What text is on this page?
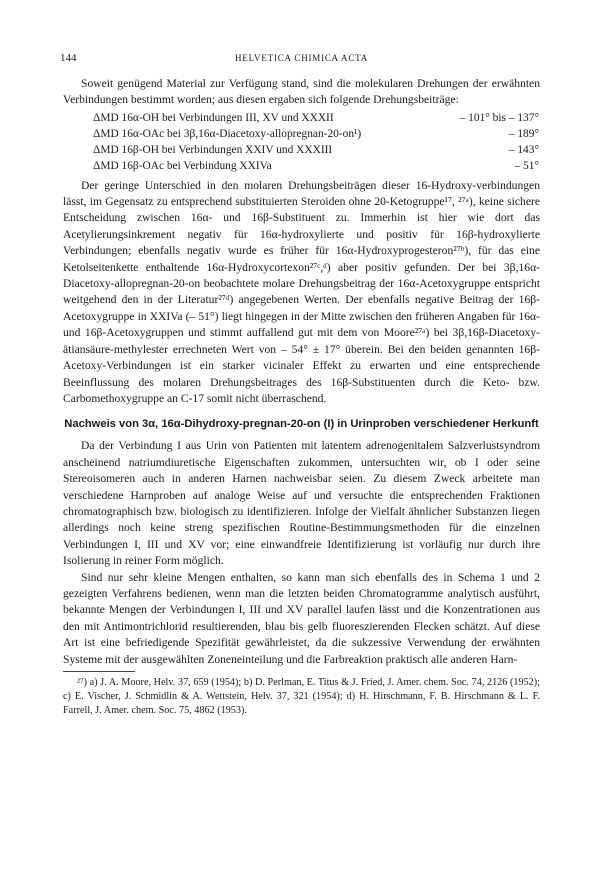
144	HELVETICA CHIMICA ACTA

Soweit genügend Material zur Verfügung stand, sind die molekularen Drehungen der erwähnten Verbindungen bestimmt worden; aus diesen ergaben sich folgende Drehungsbeiträge:

ΔMD 16α-OH bei Verbindungen III, XV und XXXII	– 101° bis – 137°
ΔMD 16α-OAc bei 3β,16α-Diacetoxy-allopregnan-20-on¹)	– 189°
ΔMD 16β-OH bei Verbindungen XXIV und XXXIII	– 143°
ΔMD 16β-OAc bei Verbindung XXIVa	– 51°

Der geringe Unterschied in den molaren Drehungsbeiträgen dieser 16-Hydroxy-verbindungen lässt, im Gegensatz zu entsprechend substituierten Steroiden ohne 20-Ketogruppe¹⁷, ²⁷ᵃ), keine sichere Entscheidung zwischen 16α- und 16β-Substituent zu. Immerhin ist hier wie dort das Acetylierungsinkrement negativ für 16α-hydroxylierte und positiv für 16β-hydroxylierte Verbindungen; ebenfalls negativ wurde es früher für 16α-Hydroxyprogesteron²⁷ᵇ), für das eine Ketolseitenkette enthaltende 16α-Hydroxycortexon²⁷ᶜ,ᵈ) aber positiv gefunden. Der bei 3β,16α-Diacetoxy-allopregnan-20-on beobachtete molare Drehungsbeitrag der 16α-Acetoxygruppe entspricht weitgehend den in der Literatur²⁷ᵈ) angegebenen Werten. Der ebenfalls negative Beitrag der 16β-Acetoxygruppe in XXIVa (– 51°) liegt hingegen in der Mitte zwischen den früheren Angaben für 16α- und 16β-Acetoxygruppen und stimmt auffallend gut mit dem von Moore²⁷ᵃ) bei 3β,16β-Diacetoxy-ätiansäure-methylester errechneten Wert von – 54° ± 17° überein. Bei den beiden genannten 16β-Acetoxy-Verbindungen ist ein starker vicinaler Effekt zu erwarten und eine entsprechende Beeinflussung des molaren Drehungsbeitrages des 16β-Substituenten durch die Keto- bzw. Carbomethoxygruppe an C-17 somit nicht überraschend.

Nachweis von 3α, 16α-Dihydroxy-pregnan-20-on (I) in Urinproben verschiedener Herkunft

Da der Verbindung I aus Urin von Patienten mit latentem adrenogenitalem Salzverlustsyndrom anscheinend natriumdiuretische Eigenschaften zukommen, untersuchten wir, ob I oder seine Stereoisomeren auch in anderen Harnen nachweisbar seien. Zu diesem Zweck arbeitete man verschiedene Harnproben auf analoge Weise auf und versuchte die entsprechenden Fraktionen chromatographisch bzw. biologisch zu identifizieren. Infolge der Vielfalt ähnlicher Substanzen liegen allerdings noch keine streng spezifischen Routine-Bestimmungsmethoden für die einzelnen Verbindungen I, III und XV vor; eine einwandfreie Identifizierung ist vorläufig nur durch ihre Isolierung in reiner Form möglich.

Sind nur sehr kleine Mengen enthalten, so kann man sich ebenfalls des in Schema 1 und 2 gezeigten Verfahrens bedienen, wenn man die letzten beiden Chromatogramme analytisch ausführt, bekannte Mengen der Verbindungen I, III und XV parallel laufen lässt und die Konzentrationen aus den mit Antimontrichlorid resultierenden, blau bis gelb fluoreszierenden Flecken schätzt. Auf diese Art ist eine befriedigende Spezifität gewährleistet, da die sukzessive Verwendung der erwähnten Systeme mit der ausgewählten Zoneneinteilung und die Farbreaktion praktisch alle anderen Harn-

²⁷) a) J. A. Moore, Helv. 37, 659 (1954); b) D. Perlman, E. Titus & J. Fried, J. Amer. chem. Soc. 74, 2126 (1952); c) E. Vischer, J. Schmidlin & A. Wettstein, Helv. 37, 321 (1954); d) H. Hirschmann, F. B. Hirschmann & L. F. Farrell, J. Amer. chem. Soc. 75, 4862 (1953).
